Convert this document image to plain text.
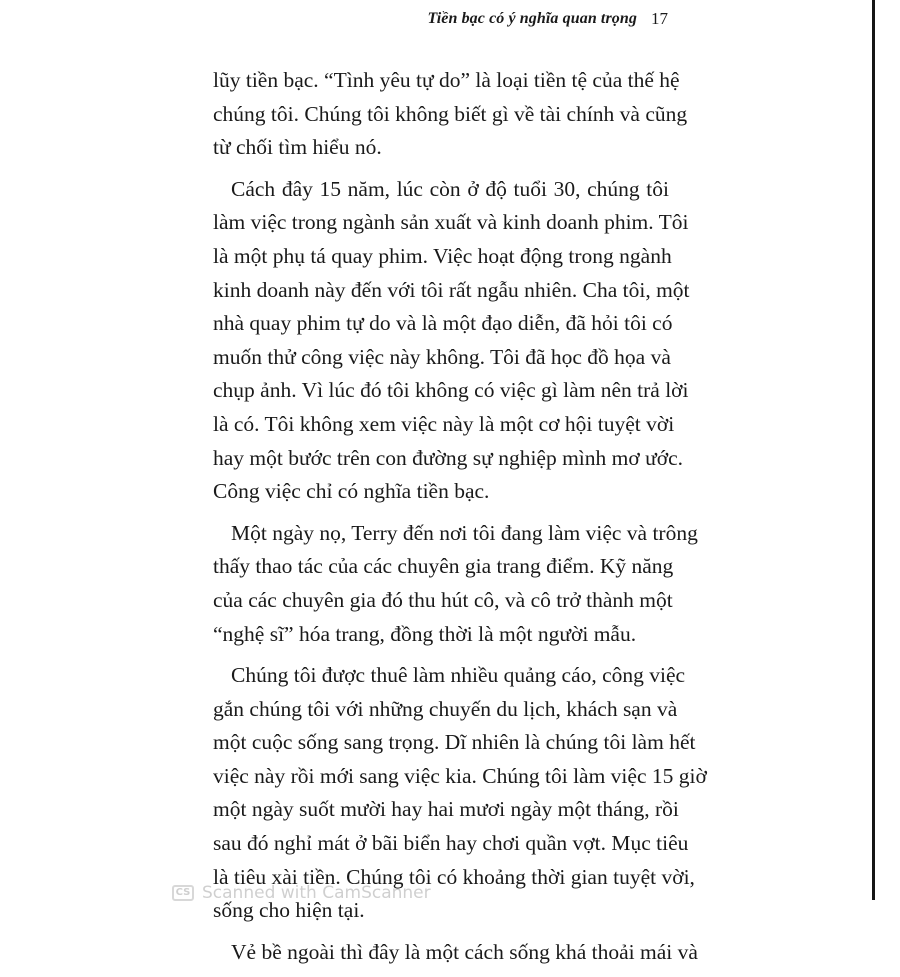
Tiền bạc có ý nghĩa quan trọng 17

lũy tiền bạc. “Tình yêu tự do” là loại tiền tệ của thế hệ
chúng tôi. Chúng tôi không biết gì về tài chính và cũng
từ chối tìm hiểu nó.

Cách đây 15 năm, lúc còn ở độ tuổi 30, chúng tôi
làm việc trong ngành sản xuất và kinh doanh phim. Tôi
là một phụ tá quay phim. Việc hoạt động trong ngành
kinh doanh này đến với tôi rất ngẫu nhiên. Cha tôi, một
nhà quay phim tự do và là một đạo diễn, đã hỏi tôi có
muốn thử công việc này không. Tôi đã học đồ họa và
chụp ảnh. Vì lúc đó tôi không có việc gì làm nên trả lời
là có. Tôi không xem việc này là một cơ hội tuyệt vời
hay một bước trên con đường sự nghiệp mình mơ ước.
Công việc chỉ có nghĩa tiền bạc.

Một ngày nọ, Terry đến nơi tôi đang làm việc và trông
thấy thao tác của các chuyên gia trang điểm. Kỹ năng
của các chuyên gia đó thu hút cô, và cô trở thành một
“nghệ sĩ” hóa trang, đồng thời là một người mẫu.

Chúng tôi được thuê làm nhiều quảng cáo, công việc
gắn chúng tôi với những chuyến du lịch, khách sạn và
một cuộc sống sang trọng. Dĩ nhiên là chúng tôi làm hết
việc này rồi mới sang việc kia. Chúng tôi làm việc 15 giờ
một ngày suốt mười hay hai mươi ngày một tháng, rồi
sau đó nghỉ mát ở bãi biển hay chơi quần vợt. Mục tiêu
là tiêu xài tiền. Chúng tôi có khoảng thời gian tuyệt vời,
sống cho hiện tại.

Vẻ bề ngoài thì đây là một cách sống khá thoải mái và

CS Scanned with CamScanner
